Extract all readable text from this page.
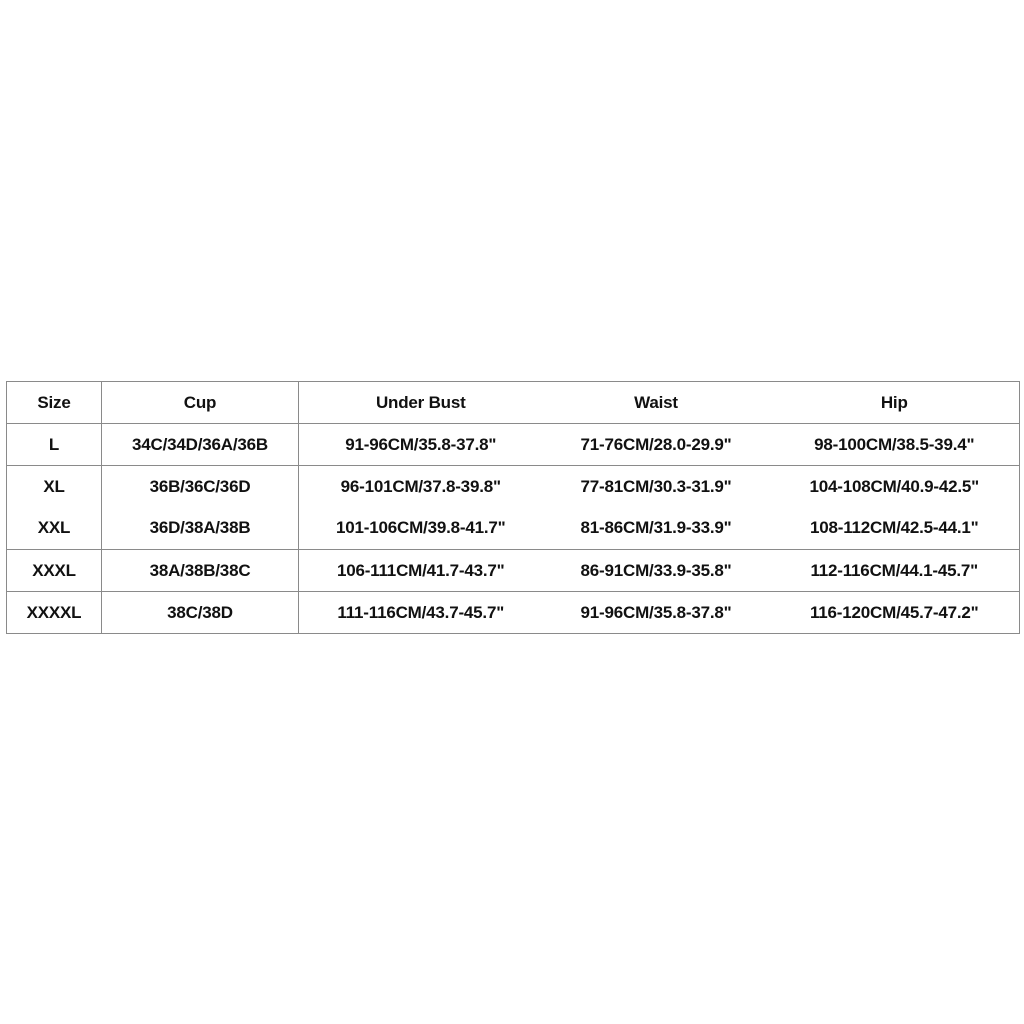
Size	Cup	Under Bust	Waist	Hip
L	34C/34D/36A/36B	91-96CM/35.8-37.8"	71-76CM/28.0-29.9"	98-100CM/38.5-39.4"
XL	36B/36C/36D	96-101CM/37.8-39.8"	77-81CM/30.3-31.9"	104-108CM/40.9-42.5"
XXL	36D/38A/38B	101-106CM/39.8-41.7"	81-86CM/31.9-33.9"	108-112CM/42.5-44.1"
XXXL	38A/38B/38C	106-111CM/41.7-43.7"	86-91CM/33.9-35.8"	112-116CM/44.1-45.7"
XXXXL	38C/38D	111-116CM/43.7-45.7"	91-96CM/35.8-37.8"	116-120CM/45.7-47.2"
